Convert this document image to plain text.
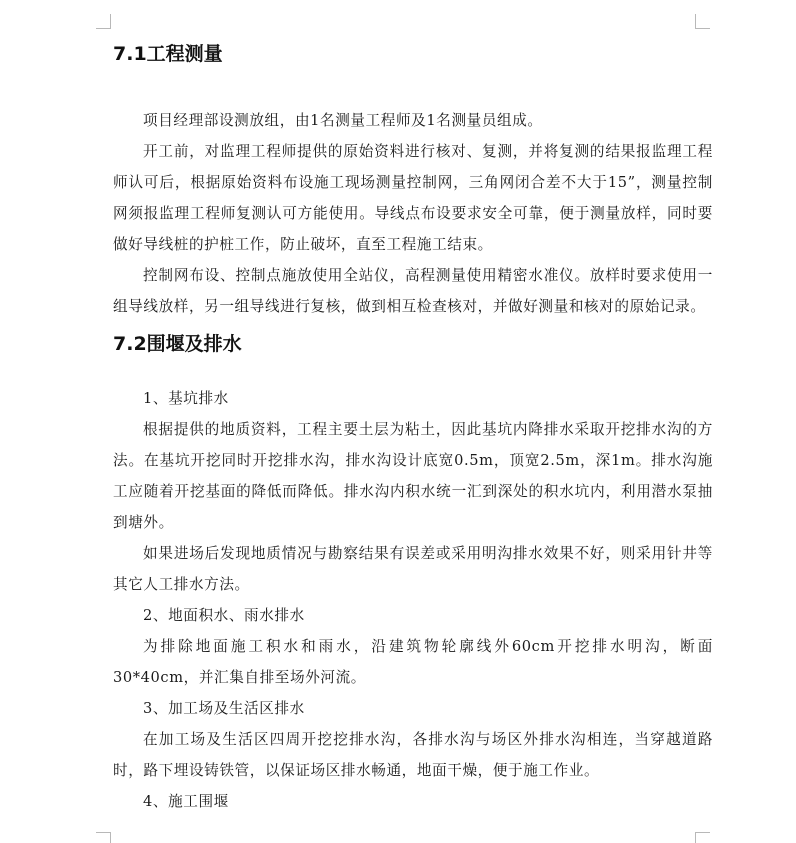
7.1工程测量

项目经理部设测放组，由1名测量工程师及1名测量员组成。

开工前，对监理工程师提供的原始资料进行核对、复测，并将复测的结果报监理工程师认可后，根据原始资料布设施工现场测量控制网，三角网闭合差不大于15”，测量控制网须报监理工程师复测认可方能使用。导线点布设要求安全可靠，便于测量放样，同时要做好导线桩的护桩工作，防止破坏，直至工程施工结束。

控制网布设、控制点施放使用全站仪，高程测量使用精密水准仪。放样时要求使用一组导线放样，另一组导线进行复核，做到相互检查核对，并做好测量和核对的原始记录。

7.2围堰及排水
1、基坑排水

根据提供的地质资料，工程主要土层为粘土，因此基坑内降排水采取开挖排水沟的方法。在基坑开挖同时开挖排水沟，排水沟设计底宽0.5m，顶宽2.5m，深1m。排水沟施工应随着开挖基面的降低而降低。排水沟内积水统一汇到深处的积水坑内，利用潜水泵抽到塘外。

如果进场后发现地质情况与勘察结果有误差或采用明沟排水效果不好，则采用针井等其它人工排水方法。

2、地面积水、雨水排水

为排除地面施工积水和雨水，沿建筑物轮廓线外60cm开挖排水明沟，断面30*40cm，并汇集自排至场外河流。

3、加工场及生活区排水

在加工场及生活区四周开挖挖排水沟，各排水沟与场区外排水沟相连，当穿越道路时，路下埋设铸铁管，以保证场区排水畅通，地面干燥，便于施工作业。

4、施工围堰
